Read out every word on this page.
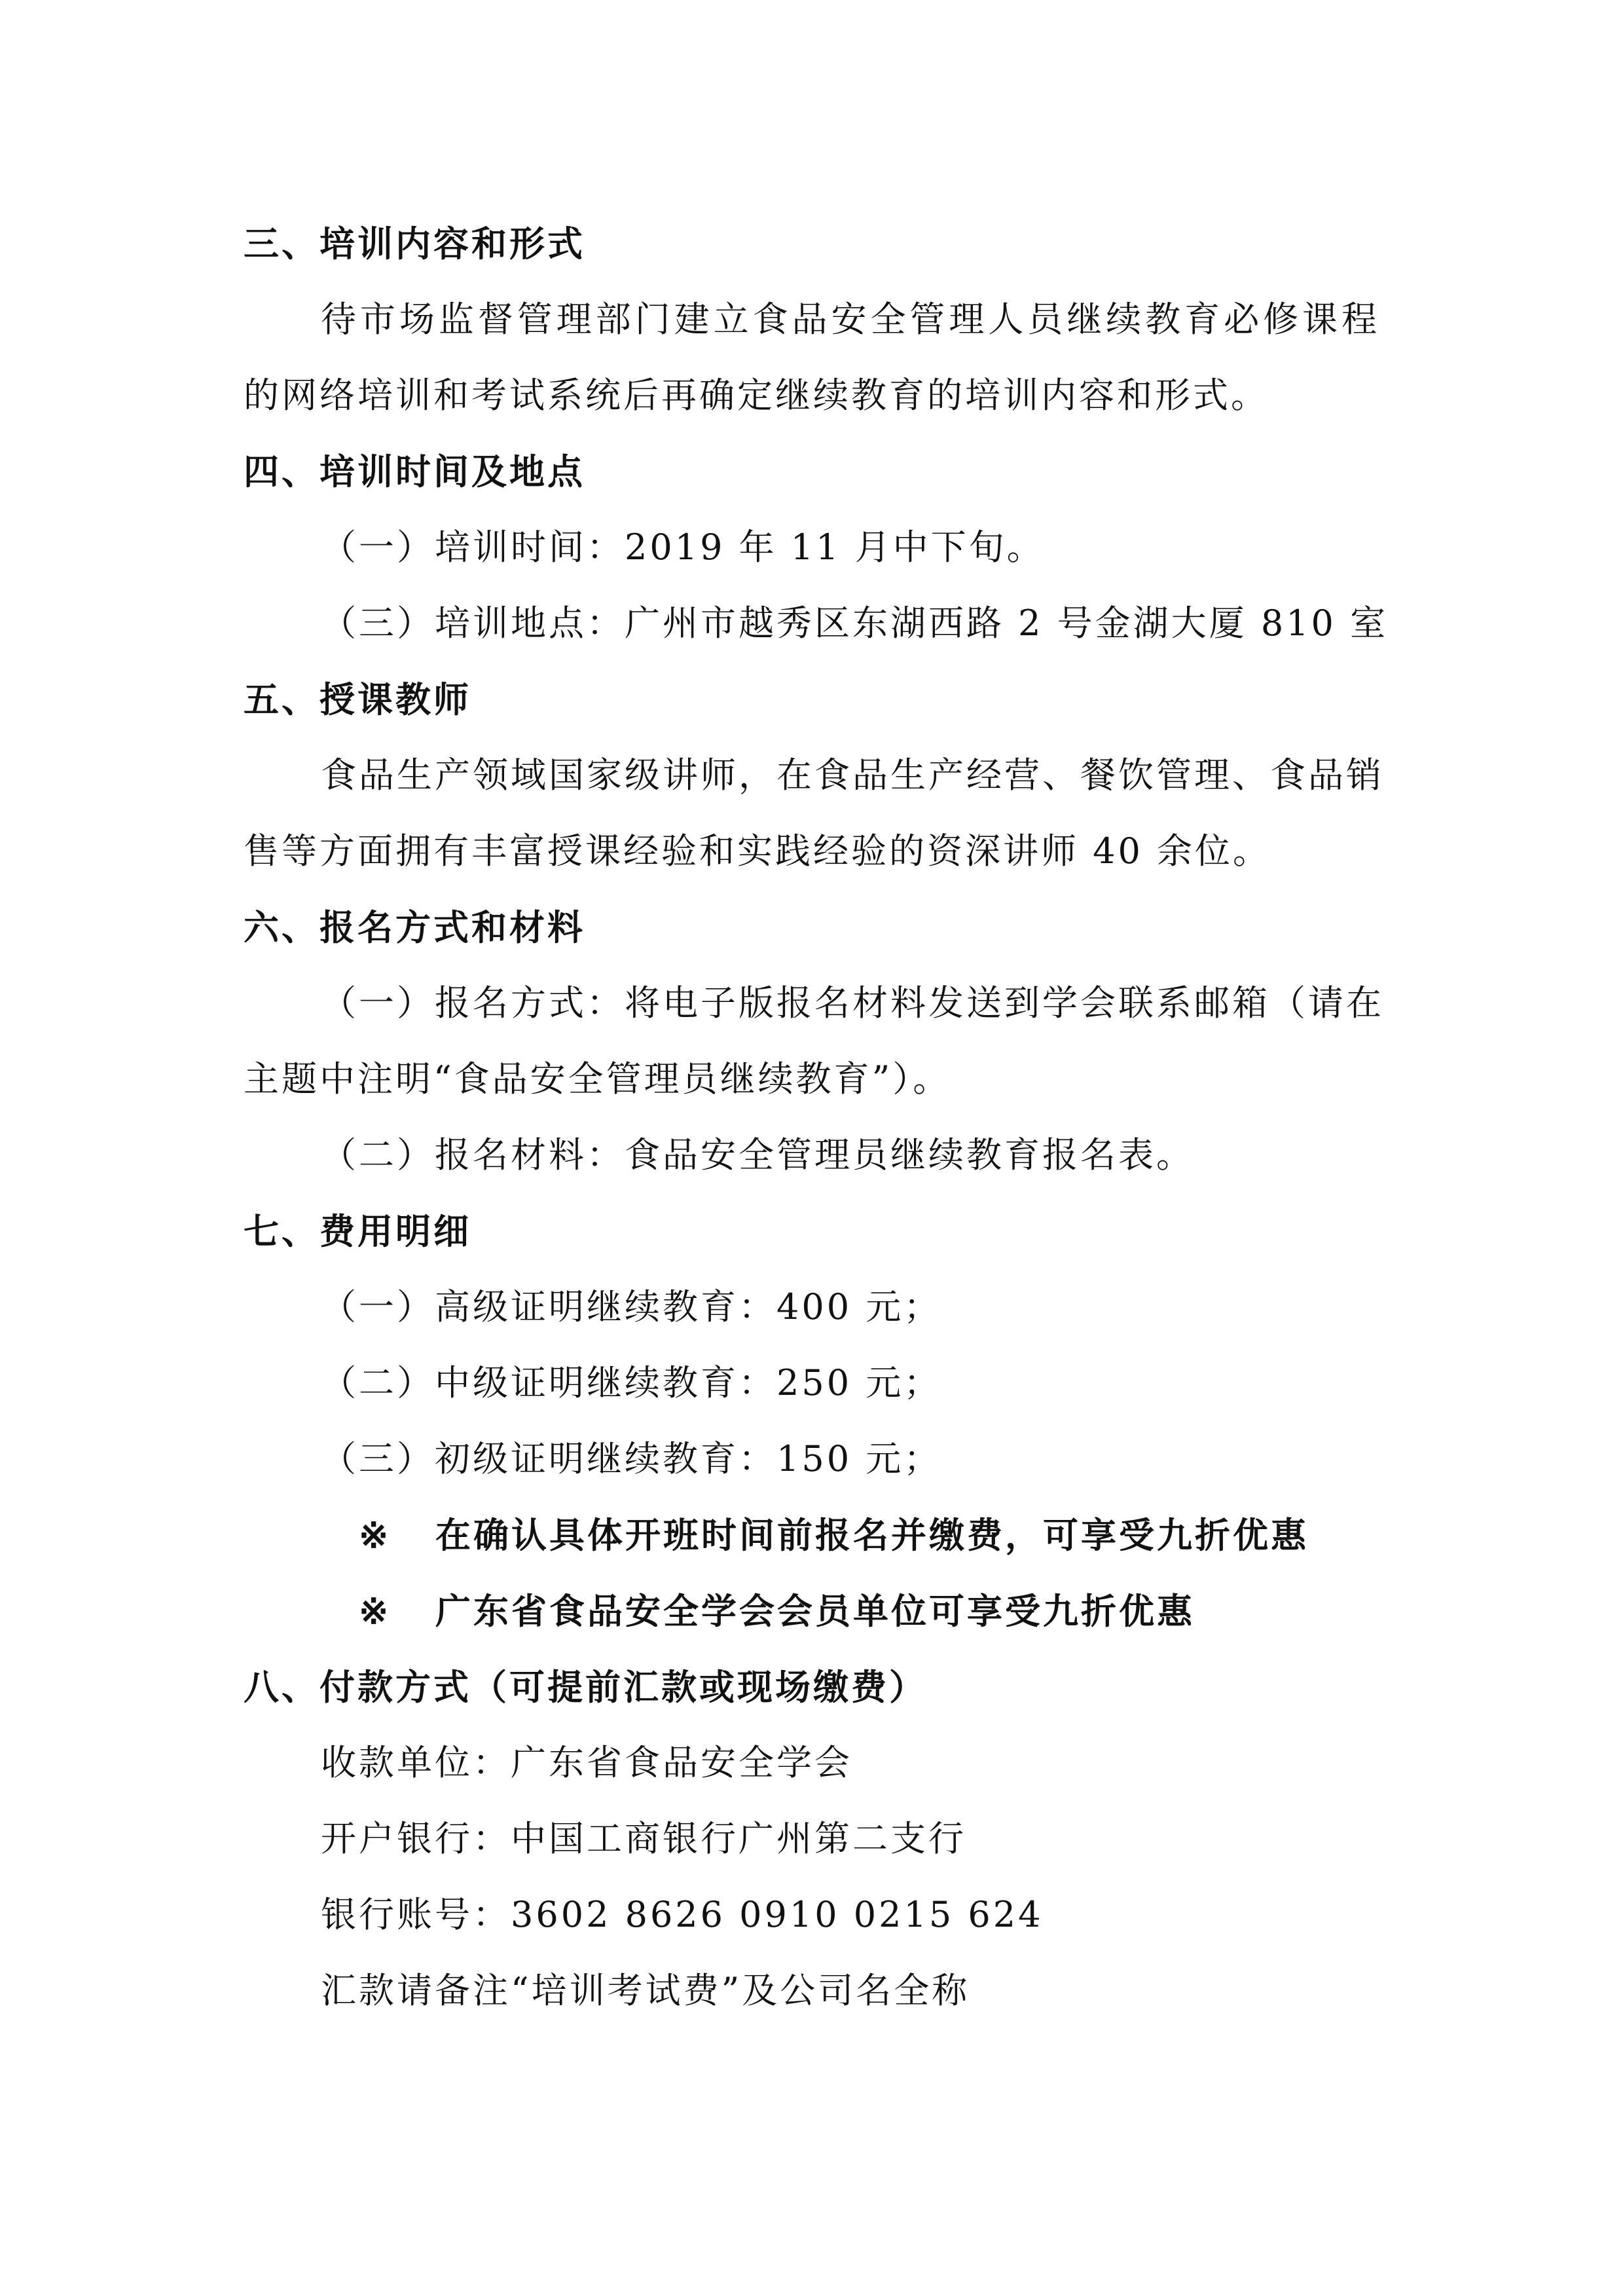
三、培训内容和形式
待市场监督管理部门建立食品安全管理人员继续教育必修课程
的网络培训和考试系统后再确定继续教育的培训内容和形式。
四、培训时间及地点
（一）培训时间：2019 年 11 月中下旬。
（三）培训地点：广州市越秀区东湖西路 2 号金湖大厦 810 室
五、授课教师
食品生产领域国家级讲师，在食品生产经营、餐饮管理、食品销
售等方面拥有丰富授课经验和实践经验的资深讲师 40 余位。
六、报名方式和材料
（一）报名方式：将电子版报名材料发送到学会联系邮箱（请在
主题中注明“食品安全管理员继续教育”）。
（二）报名材料：食品安全管理员继续教育报名表。
七、费用明细
（一）高级证明继续教育：400 元；
（二）中级证明继续教育：250 元；
（三）初级证明继续教育：150 元；
※ 在确认具体开班时间前报名并缴费，可享受九折优惠
※ 广东省食品安全学会会员单位可享受九折优惠
八、付款方式（可提前汇款或现场缴费）
收款单位：广东省食品安全学会
开户银行：中国工商银行广州第二支行
银行账号：3602 8626 0910 0215 624
汇款请备注“培训考试费”及公司名全称
